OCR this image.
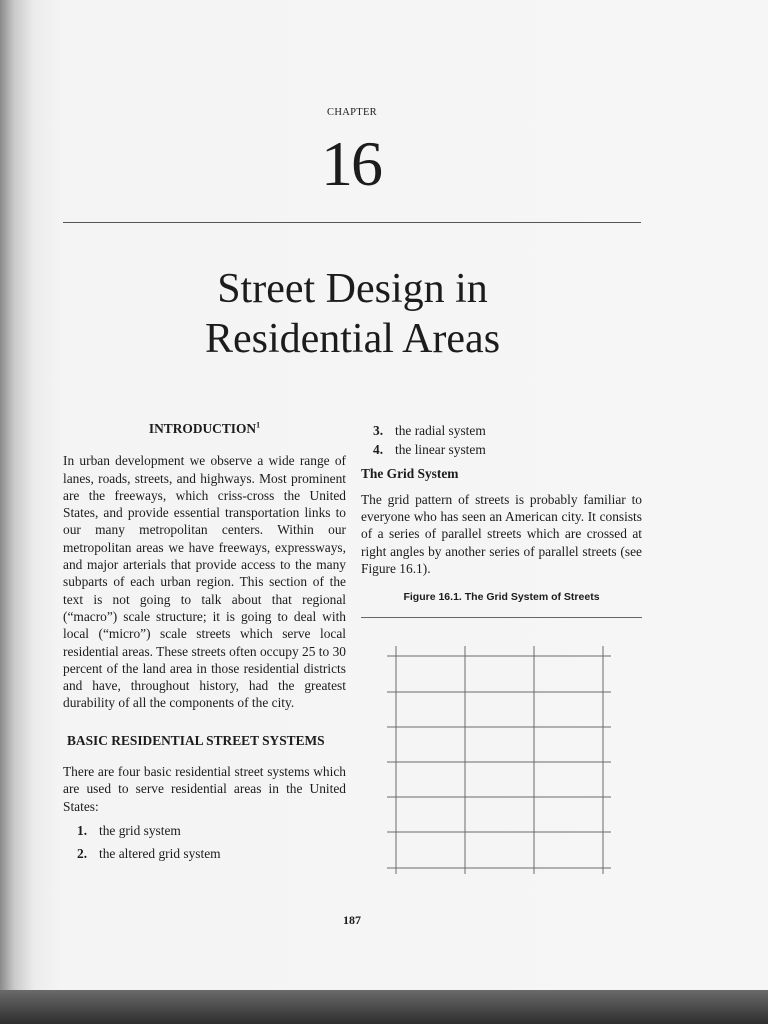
CHAPTER
16
Street Design in
Residential Areas
INTRODUCTION$^1$

In urban development we observe a wide range of lanes, roads, streets, and highways. Most prominent are the freeways, which criss-cross the United States, and provide essential transportation links to our many metropolitan centers. Within our metropolitan areas we have freeways, expressways, and major arterials that provide access to the many subparts of each urban region. This section of the text is not going to talk about that regional (“macro”) scale structure; it is going to deal with local (“micro”) scale streets which serve local residential areas. These streets often occupy 25 to 30 percent of the land area in those residential districts and have, throughout history, had the greatest durability of all the components of the city.

BASIC RESIDENTIAL STREET SYSTEMS

There are four basic residential street systems which are used to serve residential areas in the United States:

1. the grid system
2. the altered grid system
3. the radial system
4. the linear system
The Grid System

The grid pattern of streets is probably familiar to everyone who has seen an American city. It consists of a series of parallel streets which are crossed at right angles by another series of parallel streets (see Figure 16.1).

Figure 16.1. The Grid System of Streets
187
